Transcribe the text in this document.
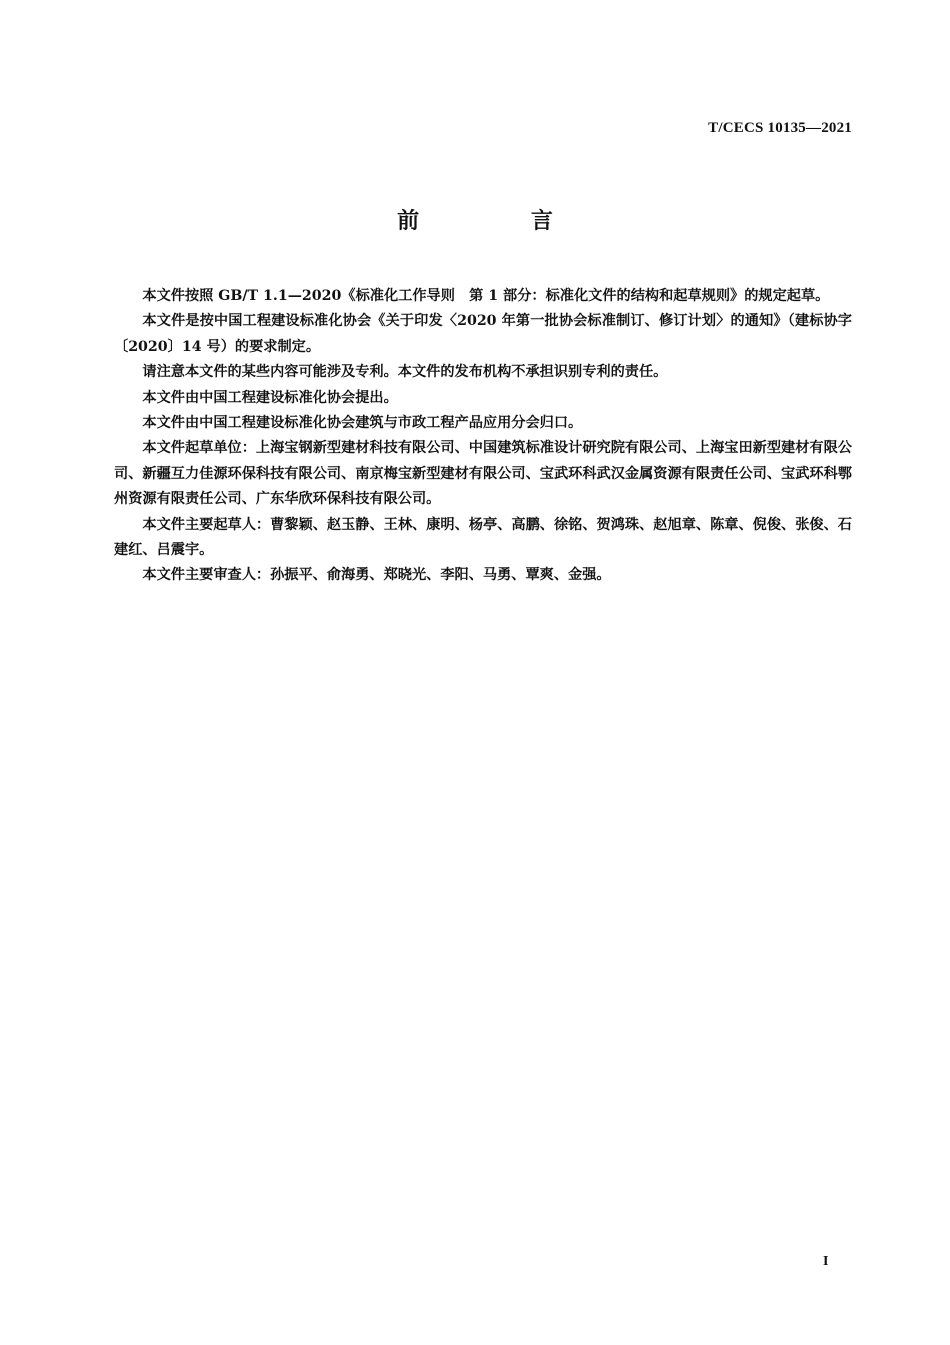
T/CECS 10135—2021
前 言

本文件按照 GB/T 1.1—2020《标准化工作导则　第 1 部分：标准化文件的结构和起草规则》的规定起草。

本文件是按中国工程建设标准化协会《关于印发〈2020 年第一批协会标准制订、修订计划〉的通知》（建标协字〔2020〕14 号）的要求制定。

请注意本文件的某些内容可能涉及专利。本文件的发布机构不承担识别专利的责任。

本文件由中国工程建设标准化协会提出。

本文件由中国工程建设标准化协会建筑与市政工程产品应用分会归口。

本文件起草单位：上海宝钢新型建材科技有限公司、中国建筑标准设计研究院有限公司、上海宝田新型建材有限公司、新疆互力佳源环保科技有限公司、南京梅宝新型建材有限公司、宝武环科武汉金属资源有限责任公司、宝武环科鄂州资源有限责任公司、广东华欣环保科技有限公司。

本文件主要起草人：曹黎颖、赵玉静、王林、康明、杨亭、高鹏、徐铭、贺鸿珠、赵旭章、陈章、倪俊、张俊、石建红、吕震宇。

本文件主要审查人：孙振平、俞海勇、郑晓光、李阳、马勇、覃爽、金强。

I
